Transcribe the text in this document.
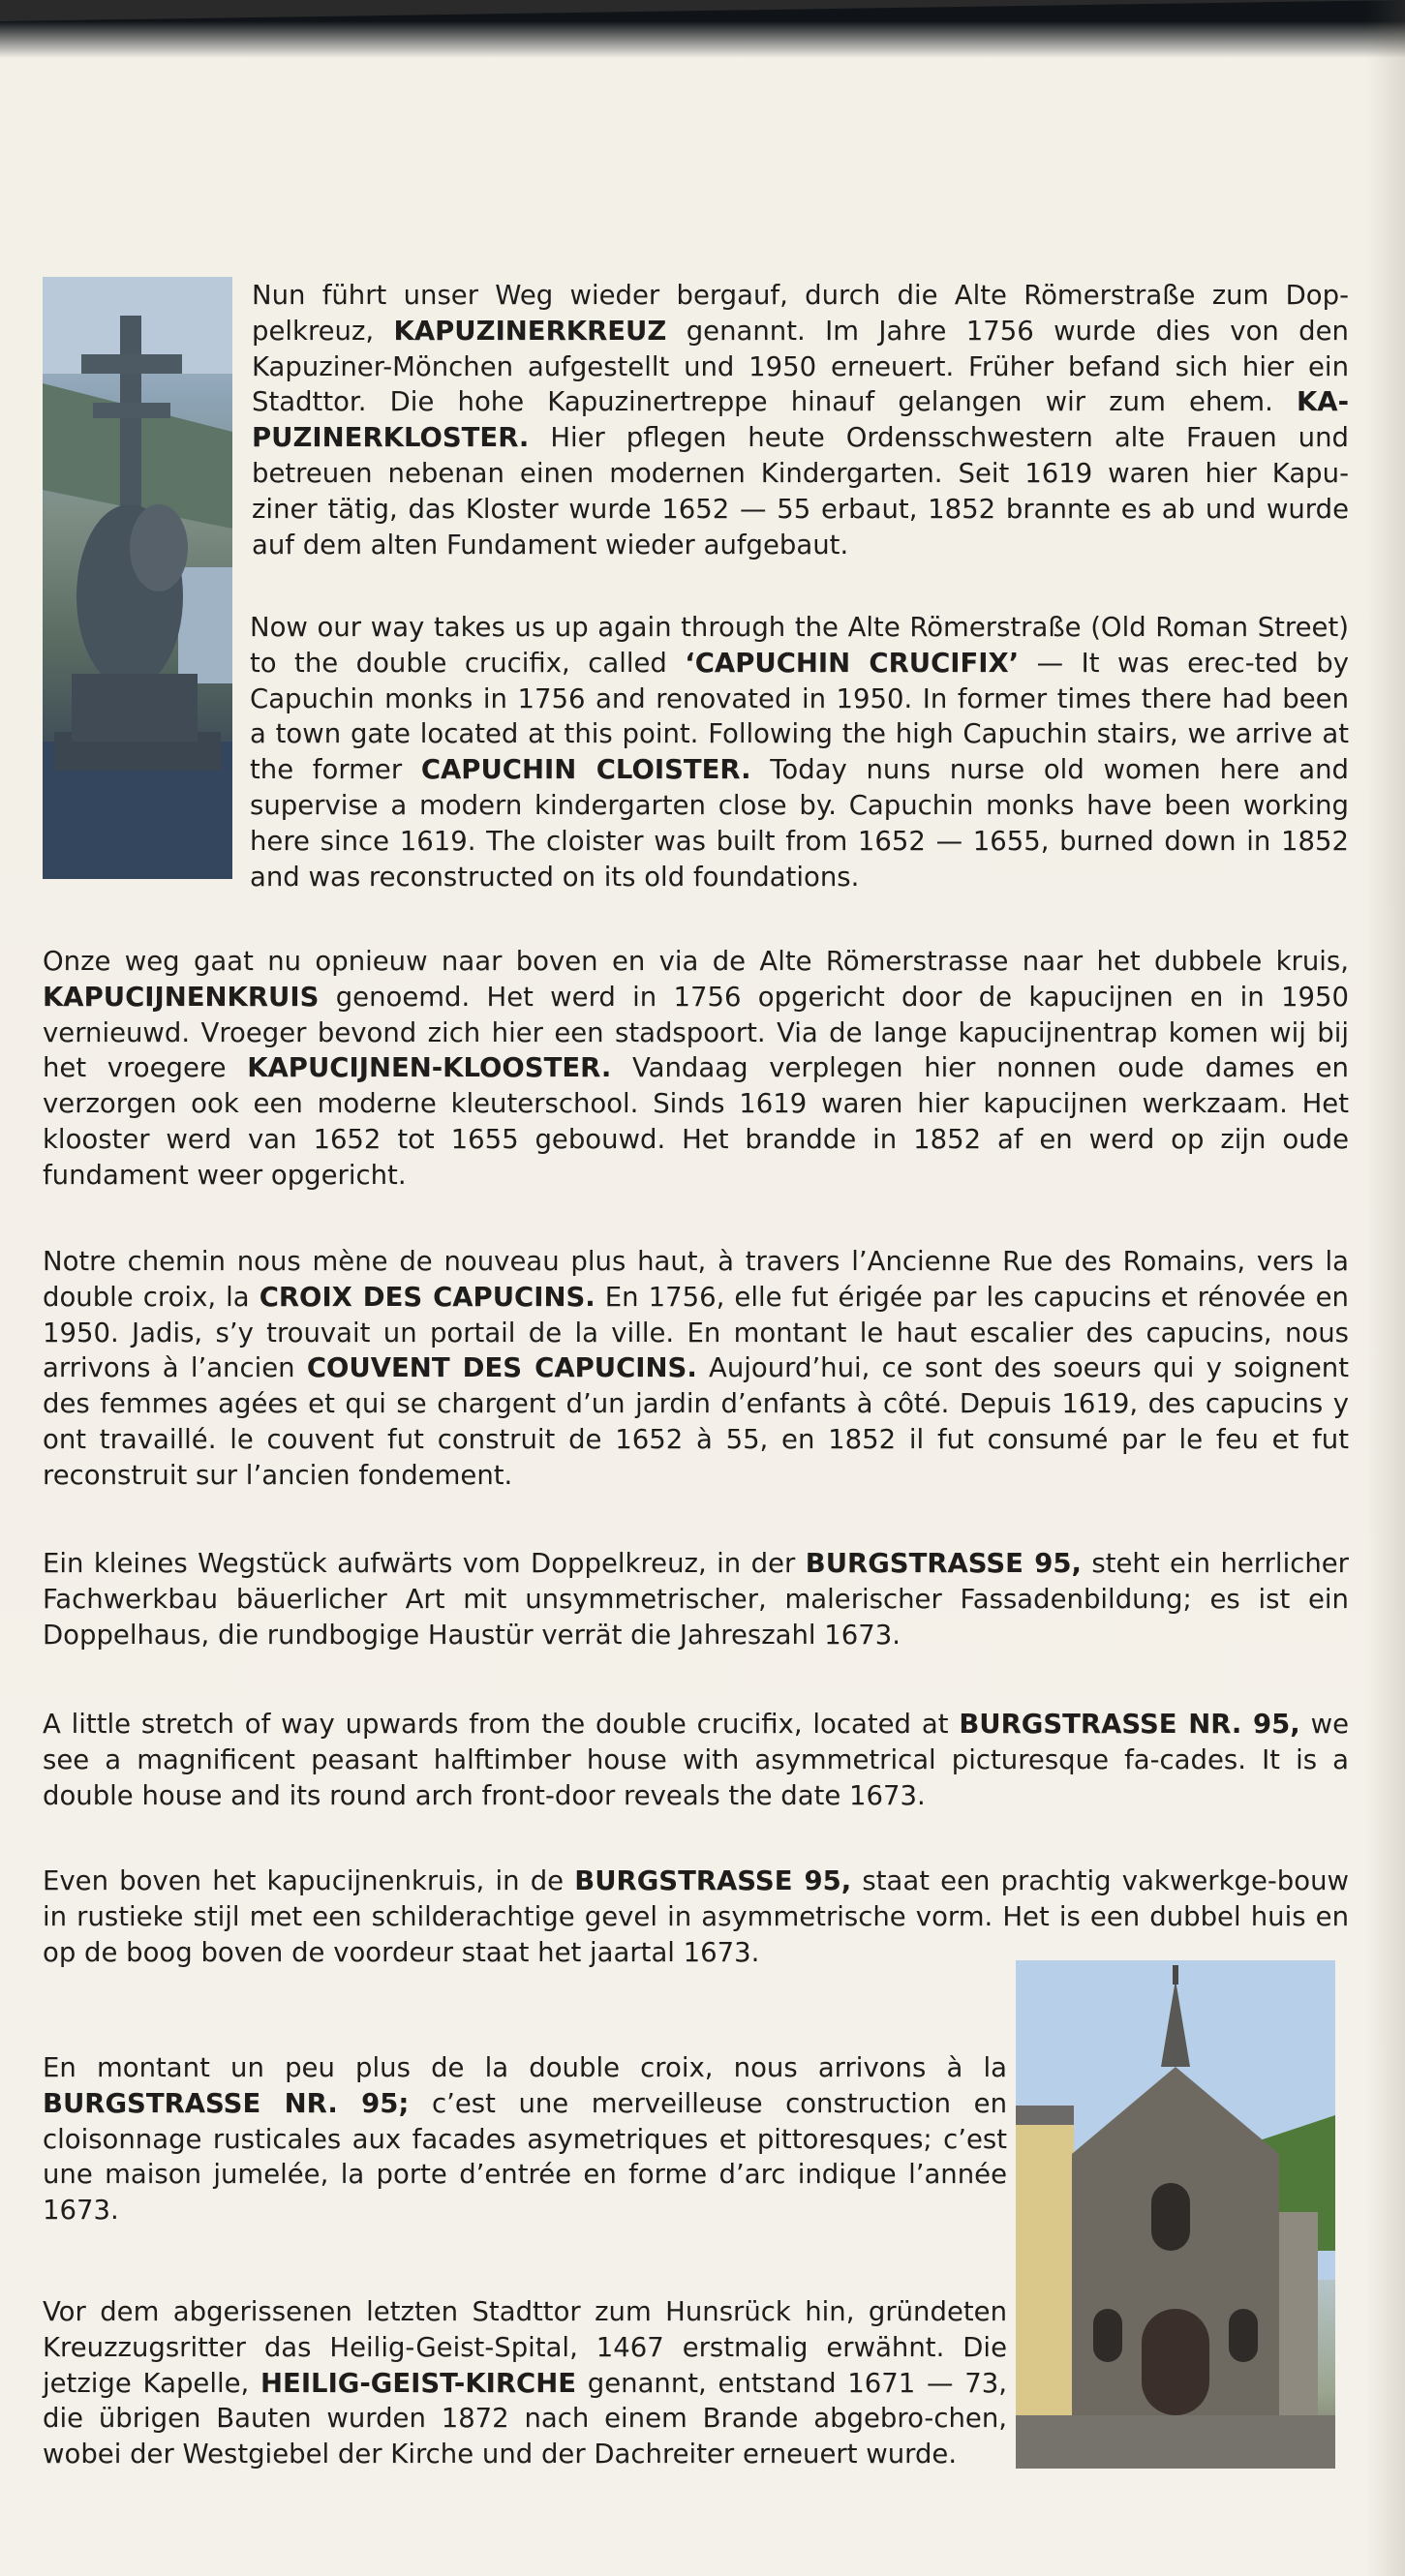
Nun führt unser Weg wieder bergauf, durch die Alte Römerstraße zum Dop-pelkreuz, KAPUZINERKREUZ genannt. Im Jahre 1756 wurde dies von den Kapuziner-Mönchen aufgestellt und 1950 erneuert. Früher befand sich hier ein Stadttor. Die hohe Kapuzinertreppe hinauf gelangen wir zum ehem. KA-PUZINERKLOSTER. Hier pflegen heute Ordensschwestern alte Frauen und betreuen nebenan einen modernen Kindergarten. Seit 1619 waren hier Kapu-ziner tätig, das Kloster wurde 1652 — 55 erbaut, 1852 brannte es ab und wurde auf dem alten Fundament wieder aufgebaut.

Now our way takes us up again through the Alte Römerstraße (Old Roman Street) to the double crucifix, called ‘CAPUCHIN CRUCIFIX’ — It was erec-ted by Capuchin monks in 1756 and renovated in 1950. In former times there had been a town gate located at this point. Following the high Capuchin stairs, we arrive at the former CAPUCHIN CLOISTER. Today nuns nurse old women here and supervise a modern kindergarten close by. Capuchin monks have been working here since 1619. The cloister was built from 1652 — 1655, burned down in 1852 and was reconstructed on its old foundations.

Onze weg gaat nu opnieuw naar boven en via de Alte Römerstrasse naar het dubbele kruis, KAPUCIJNENKRUIS genoemd. Het werd in 1756 opgericht door de kapucijnen en in 1950 vernieuwd. Vroeger bevond zich hier een stadspoort. Via de lange kapucijnentrap komen wij bij het vroegere KAPUCIJNEN-KLOOSTER. Vandaag verplegen hier nonnen oude dames en verzorgen ook een moderne kleuterschool. Sinds 1619 waren hier kapucijnen werkzaam. Het klooster werd van 1652 tot 1655 gebouwd. Het brandde in 1852 af en werd op zijn oude fundament weer opgericht.

Notre chemin nous mène de nouveau plus haut, à travers l’Ancienne Rue des Romains, vers la double croix, la CROIX DES CAPUCINS. En 1756, elle fut érigée par les capucins et rénovée en 1950. Jadis, s’y trouvait un portail de la ville. En montant le haut escalier des capucins, nous arrivons à l’ancien COUVENT DES CAPUCINS. Aujourd’hui, ce sont des soeurs qui y soignent des femmes agées et qui se chargent d’un jardin d’enfants à côté. Depuis 1619, des capucins y ont travaillé. le couvent fut construit de 1652 à 55, en 1852 il fut consumé par le feu et fut reconstruit sur l’ancien fondement.

Ein kleines Wegstück aufwärts vom Doppelkreuz, in der BURGSTRASSE 95, steht ein herrlicher Fachwerkbau bäuerlicher Art mit unsymmetrischer, malerischer Fassadenbildung; es ist ein Doppelhaus, die rundbogige Haustür verrät die Jahreszahl 1673.

A little stretch of way upwards from the double crucifix, located at BURGSTRASSE NR. 95, we see a magnificent peasant halftimber house with asymmetrical picturesque fa-cades. It is a double house and its round arch front-door reveals the date 1673.

Even boven het kapucijnenkruis, in de BURGSTRASSE 95, staat een prachtig vakwerkge-bouw in rustieke stijl met een schilderachtige gevel in asymmetrische vorm. Het is een dubbel huis en op de boog boven de voordeur staat het jaartal 1673.

En montant un peu plus de la double croix, nous arrivons à la BURGSTRASSE NR. 95; c’est une merveilleuse construction en cloisonnage rusticales aux facades asymetriques et pittoresques; c’est une maison jumelée, la porte d’entrée en forme d’arc indique l’année 1673.

Vor dem abgerissenen letzten Stadttor zum Hunsrück hin, gründeten Kreuzzugsritter das Heilig-Geist-Spital, 1467 erstmalig erwähnt. Die jetzige Kapelle, HEILIG-GEIST-KIRCHE genannt, entstand 1671 — 73, die übrigen Bauten wurden 1872 nach einem Brande abgebro-chen, wobei der Westgiebel der Kirche und der Dachreiter erneuert wurde.
